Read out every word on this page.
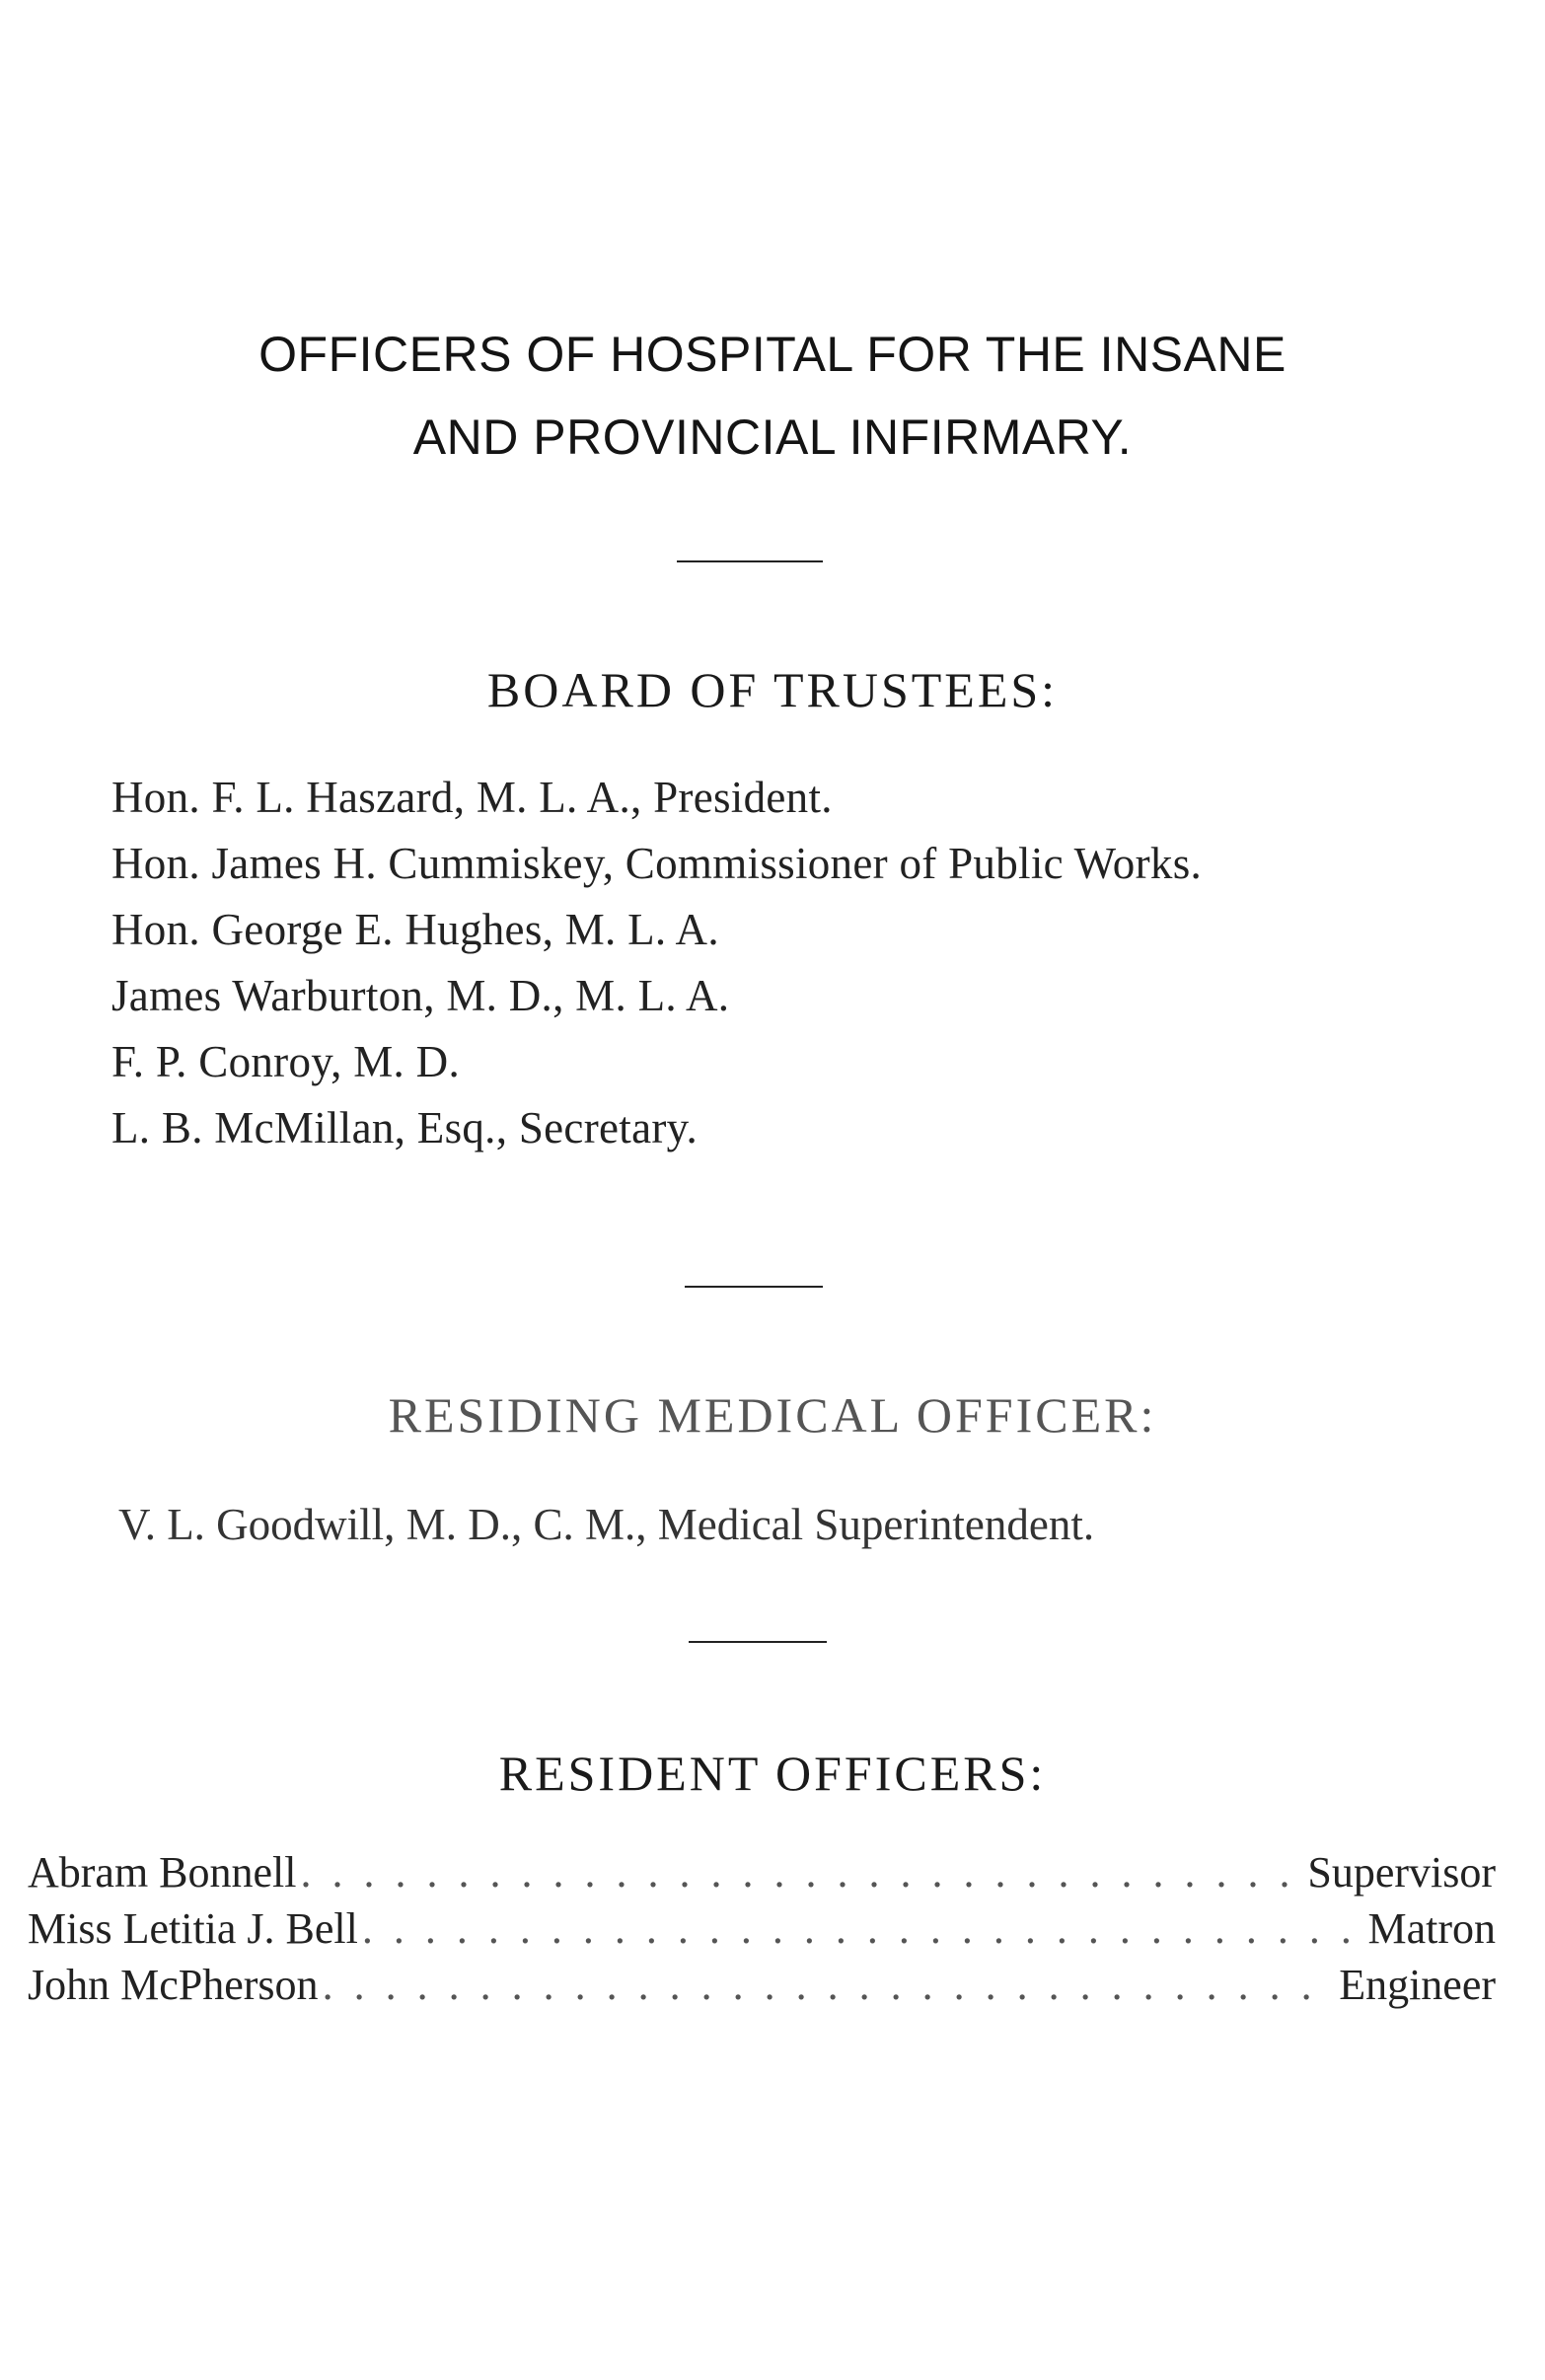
OFFICERS OF HOSPITAL FOR THE INSANE
AND PROVINCIAL INFIRMARY.
BOARD OF TRUSTEES:
Hon. F. L. Haszard, M. L. A., President.
Hon. James H. Cummiskey, Commissioner of Public Works.
Hon. George E. Hughes, M. L. A.
James Warburton, M. D., M. L. A.
F. P. Conroy, M. D.
L. B. McMillan, Esq., Secretary.
RESIDING MEDICAL OFFICER:
V. L. Goodwill, M. D., C. M., Medical Superintendent.
RESIDENT OFFICERS:
Abram Bonnell . . .	Supervisor
Miss Letitia J. Bell . . .	Matron
John McPherson . . .	Engineer
